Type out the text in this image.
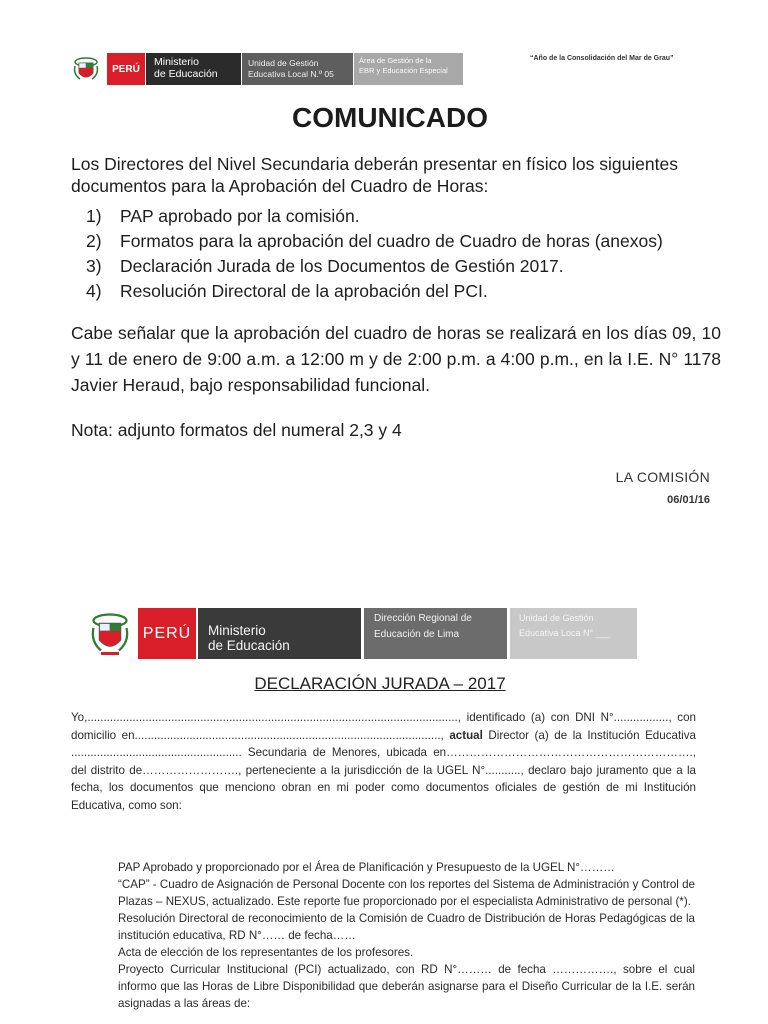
PERÚ
Ministerio
de Educación
Unidad de Gestión
Educativa Local N.º 05
Área de Gestión de la
EBR y Educación Especial
“Año de la Consolidación del Mar de Grau”
COMUNICADO
Los Directores del Nivel Secundaria deberán presentar en físico los siguientes documentos para la Aprobación del Cuadro de Horas:
1)	PAP aprobado por la comisión.
2)	Formatos para la aprobación del cuadro de Cuadro de horas (anexos)
3)	Declaración Jurada de los Documentos de Gestión 2017.
4)	Resolución Directoral de la aprobación del PCI.
Cabe señalar que la aprobación del cuadro de horas se realizará en los días 09, 10 y 11 de enero de 9:00 a.m. a 12:00 m y de 2:00 p.m. a 4:00 p.m., en la I.E. N° 1178 Javier Heraud, bajo responsabilidad funcional.
Nota: adjunto formatos del numeral 2,3 y 4
LA COMISIÓN
06/01/16
PERÚ	Ministerio
de Educación
Dirección Regional de
Educación de Lima
Unidad de Gestión
Educativa Loca N° ___
DECLARACIÓN JURADA – 2017
Yo,..................................................................................................................., identificado (a) con DNI N°................., con domicilio en..............................................................................................., actual Director (a) de la Institución Educativa ..................................................... Secundaria de Menores, ubicada en………………………………………………………., del distrito de……………………., perteneciente a la jurisdicción de la UGEL N°..........., declaro bajo juramento que a la fecha, los documentos que menciono obran en mi poder como documentos oficiales de gestión de mi Institución Educativa, como son:

PAP Aprobado y proporcionado por el Área de Planificación y Presupuesto de la UGEL N°………

“CAP” - Cuadro de Asignación de Personal Docente con los reportes del Sistema de Administración y Control de Plazas – NEXUS, actualizado. Este reporte fue proporcionado por el especialista Administrativo de personal (*).

Resolución Directoral de reconocimiento de la Comisión de Cuadro de Distribución de Horas Pedagógicas de la institución educativa, RD N°…… de fecha……

Acta de elección de los representantes de los profesores.

Proyecto Curricular Institucional (PCI) actualizado, con RD N°……… de fecha ……………., sobre el cual informo que las Horas de Libre Disponibilidad que deberán asignarse para el Diseño Curricular de la I.E. serán asignadas a las áreas de:
